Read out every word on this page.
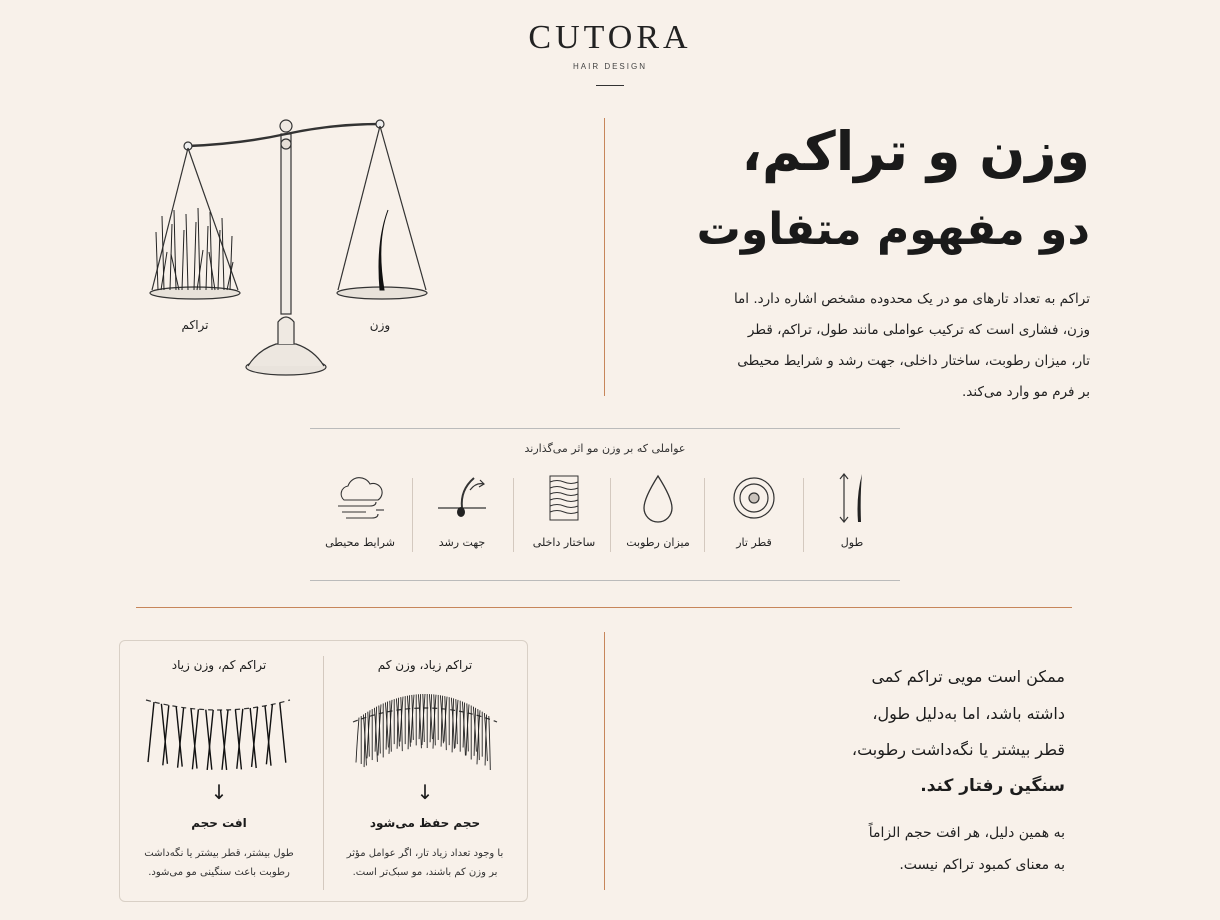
CUTORA
HAIR DESIGN
تراکم	وزن
وزن و تراکم،
دو مفهوم متفاوت
تراکم به تعداد تارهای مو در یک محدوده مشخص اشاره دارد. اما وزن، فشاری است که ترکیب عواملی مانند طول، تراکم، قطر تار، میزان رطوبت، ساختار داخلی، جهت رشد و شرایط محیطی بر فرم مو وارد می‌کند.
عواملی که بر وزن مو اثر می‌گذارند
طول
قطر تار
میزان رطوبت
ساختار داخلی
جهت رشد
شرایط محیطی
تراکم زیاد، وزن کم
↓
حجم حفظ می‌شود
با وجود تعداد زیاد تار، اگر عوامل مؤثر
بر وزن کم باشند، مو سبک‌تر است.
تراکم کم، وزن زیاد
↓
افت حجم
طول بیشتر، قطر بیشتر یا نگه‌داشت
رطوبت باعث سنگینی مو می‌شود.
ممکن است مویی تراکم کمی
داشته باشد، اما به‌دلیل طول،
قطر بیشتر یا نگه‌داشت رطوبت،
سنگین رفتار کند.
به همین دلیل، هر افت حجم الزاماً
به معنای کمبود تراکم نیست.
